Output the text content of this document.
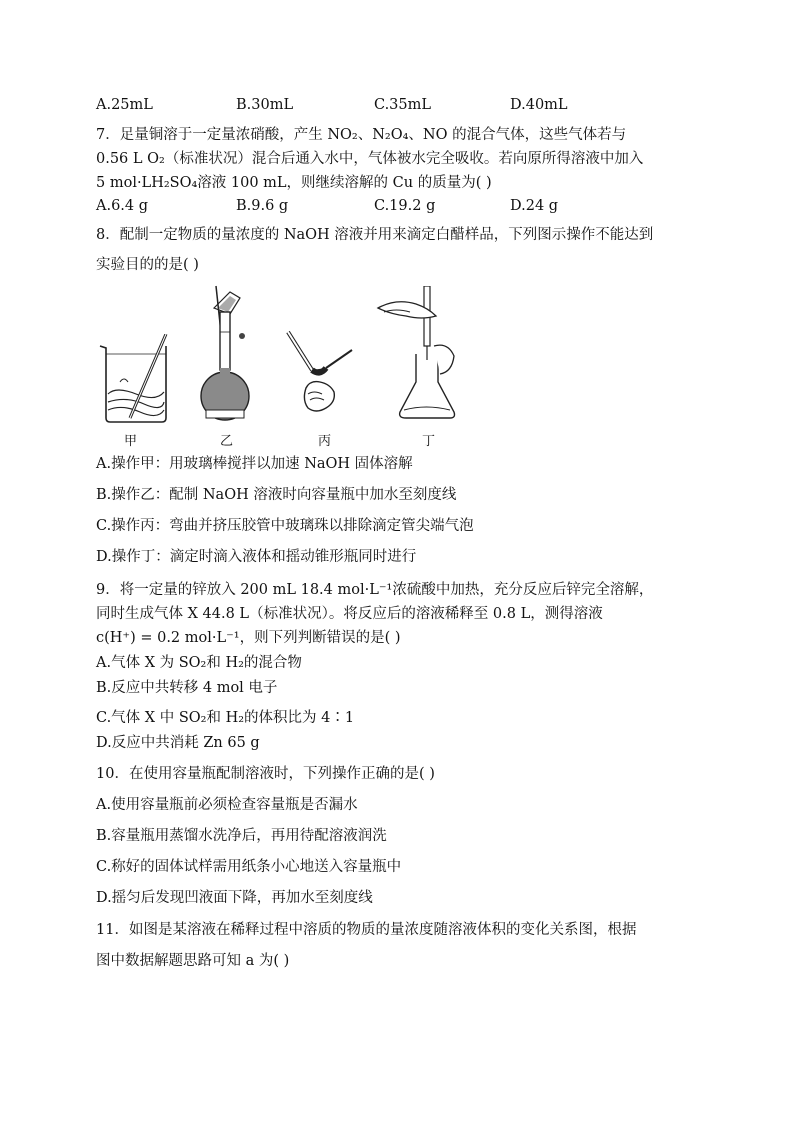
A.25mL	B.30mL	C.35mL	D.40mL
7．足量铜溶于一定量浓硝酸，产生 NO₂、N₂O₄、NO 的混合气体，这些气体若与
0.56 L O₂（标准状况）混合后通入水中，气体被水完全吸收。若向原所得溶液中加入
5 mol·LH₂SO₄溶液 100 mL，则继续溶解的 Cu 的质量为( )
A.6.4 g	B.9.6 g	C.19.2 g	D.24 g
8．配制一定物质的量浓度的 NaOH 溶液并用来滴定白醋样品，下列图示操作不能达到
实验目的的是( )
甲	乙	丙	丁
A.操作甲：用玻璃棒搅拌以加速 NaOH 固体溶解
B.操作乙：配制 NaOH 溶液时向容量瓶中加水至刻度线
C.操作丙：弯曲并挤压胶管中玻璃珠以排除滴定管尖端气泡
D.操作丁：滴定时滴入液体和摇动锥形瓶同时进行
9．将一定量的锌放入 200 mL 18.4 mol·L⁻¹浓硫酸中加热，充分反应后锌完全溶解，
同时生成气体 X 44.8 L（标准状况）。将反应后的溶液稀释至 0.8 L，测得溶液
c(H⁺) = 0.2 mol·L⁻¹，则下列判断错误的是( )
A.气体 X 为 SO₂和 H₂的混合物
B.反应中共转移 4 mol 电子
C.气体 X 中 SO₂和 H₂的体积比为 4∶1
D.反应中共消耗 Zn 65 g
10．在使用容量瓶配制溶液时，下列操作正确的是( )
A.使用容量瓶前必须检查容量瓶是否漏水
B.容量瓶用蒸馏水洗净后，再用待配溶液润洗
C.称好的固体试样需用纸条小心地送入容量瓶中
D.摇匀后发现凹液面下降，再加水至刻度线
11．如图是某溶液在稀释过程中溶质的物质的量浓度随溶液体积的变化关系图，根据
图中数据解题思路可知 a 为( )
